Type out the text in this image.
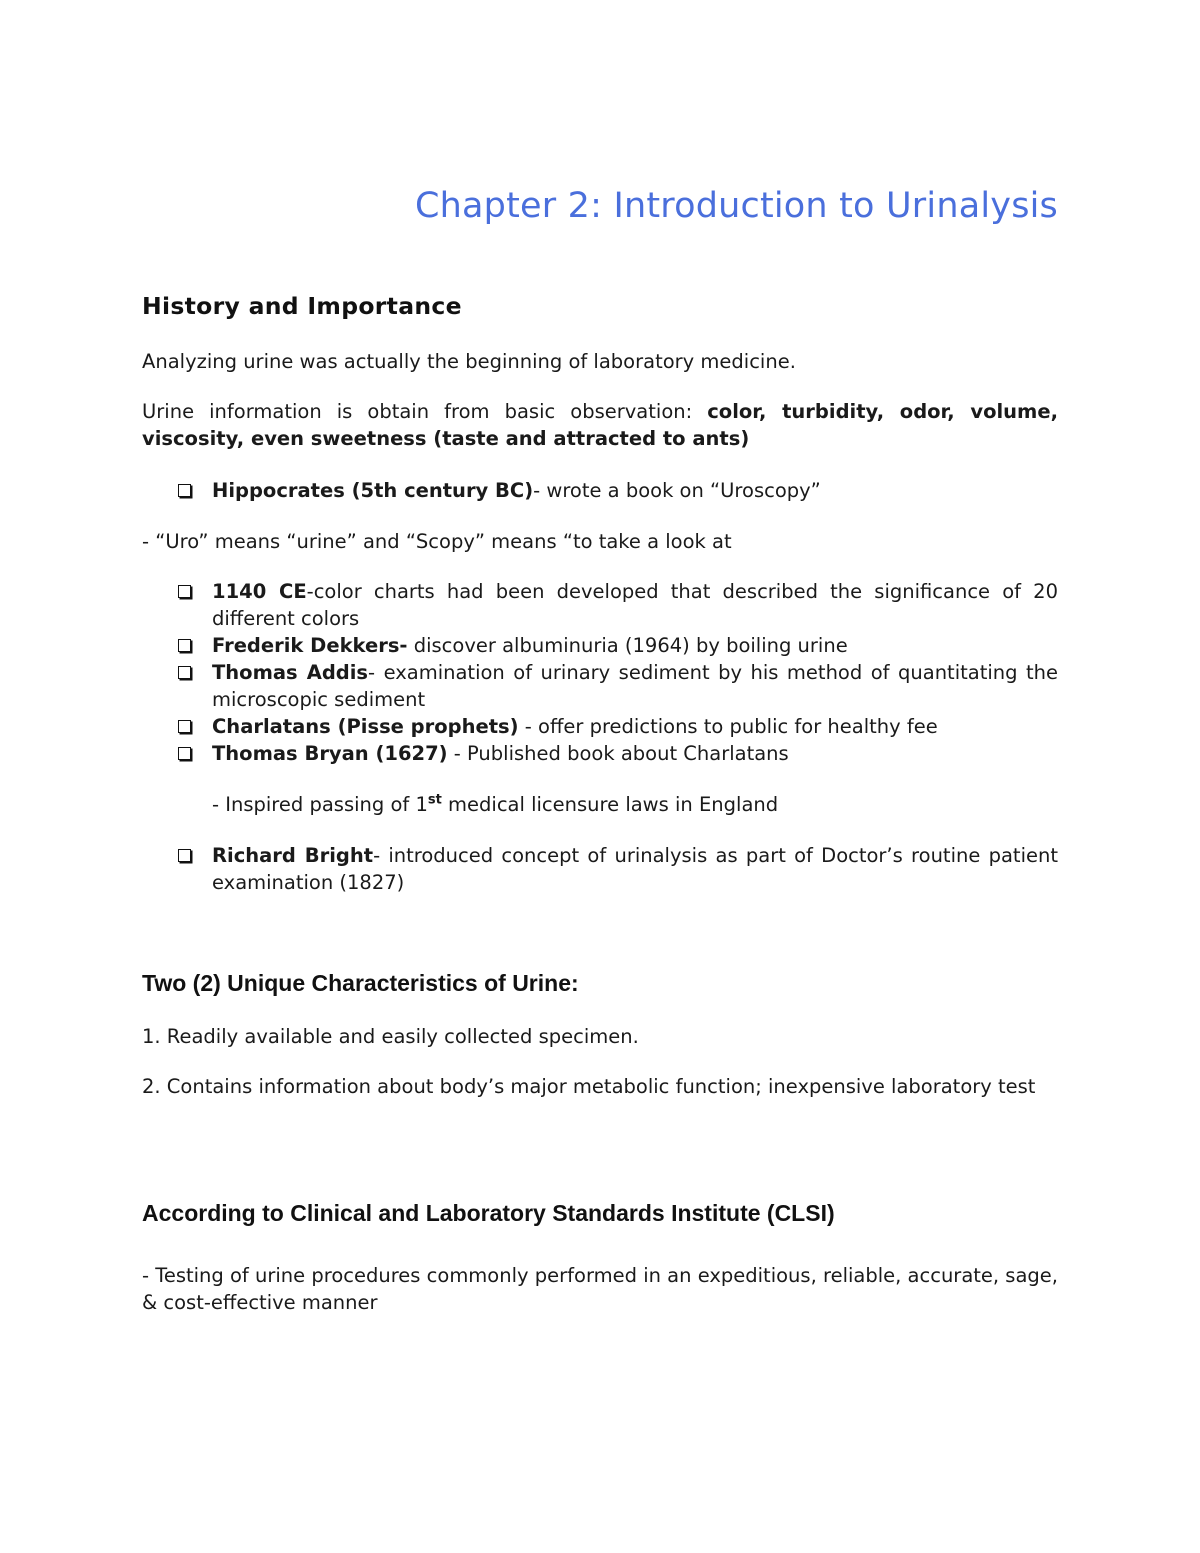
Chapter 2: Introduction to Urinalysis
History and Importance

Analyzing urine was actually the beginning of laboratory medicine.

Urine information is obtain from basic observation: color, turbidity, odor, volume, viscosity, even sweetness (taste and attracted to ants)

Hippocrates (5th century BC)- wrote a book on “Uroscopy”

- “Uro” means “urine” and “Scopy” means “to take a look at

1140 CE-color charts had been developed that described the significance of 20 different colors
Frederik Dekkers- discover albuminuria (1964) by boiling urine
Thomas Addis- examination of urinary sediment by his method of quantitating the microscopic sediment
Charlatans (Pisse prophets) - offer predictions to public for healthy fee
Thomas Bryan (1627) - Published book about Charlatans

- Inspired passing of 1st medical licensure laws in England

Richard Bright- introduced concept of urinalysis as part of Doctor’s routine patient examination (1827)
Two (2) Unique Characteristics of Urine:

1. Readily available and easily collected specimen.

2. Contains information about body’s major metabolic function; inexpensive laboratory test

According to Clinical and Laboratory Standards Institute (CLSI)

- Testing of urine procedures commonly performed in an expeditious, reliable, accurate, sage, & cost-effective manner
